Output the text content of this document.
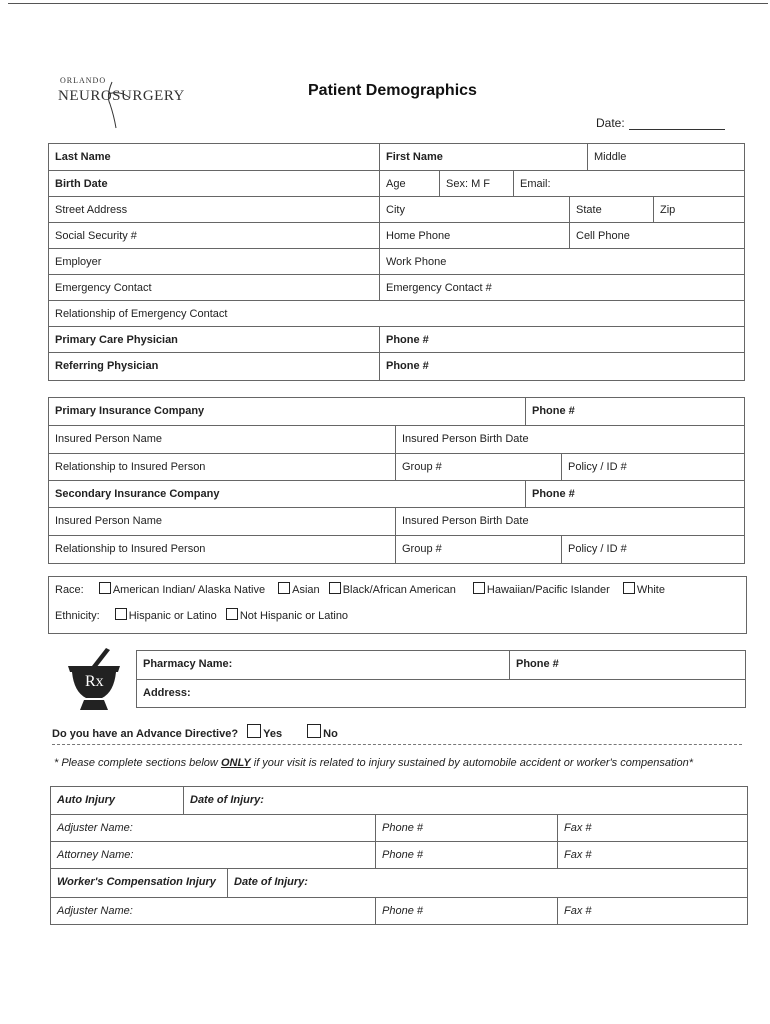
ORLANDO
NEUROSURGERY	Patient Demographics
Date:
Last Name	First Name	Middle
Birth Date	Age	Sex: M F	Email:
Street Address	City	State	Zip
Social Security #	Home Phone	Cell Phone
Employer	Work Phone
Emergency Contact	Emergency Contact #
Relationship of Emergency Contact
Primary Care Physician	Phone #
Referring Physician	Phone #
Primary Insurance Company	Phone #
Insured Person Name	Insured Person Birth Date
Relationship to Insured Person	Group #	Policy / ID #
Secondary Insurance Company	Phone #
Insured Person Name	Insured Person Birth Date
Relationship to Insured Person	Group #	Policy / ID #
Race:	American Indian/ Alaska Native Asian Black/African American	Hawaiian/Pacific Islander White
Ethnicity:	Hispanic or Latino Not Hispanic or Latino
Rx
Pharmacy Name:	Phone #
Address:
Do you have an Advance Directive? Yes	No
* Please complete sections below ONLY if your visit is related to injury sustained by automobile accident or worker's compensation*
Auto Injury	Date of Injury:
Adjuster Name:	Phone #	Fax #
Attorney Name:	Phone #	Fax #
Worker's Compensation Injury	Date of Injury:
Adjuster Name:	Phone #	Fax #
